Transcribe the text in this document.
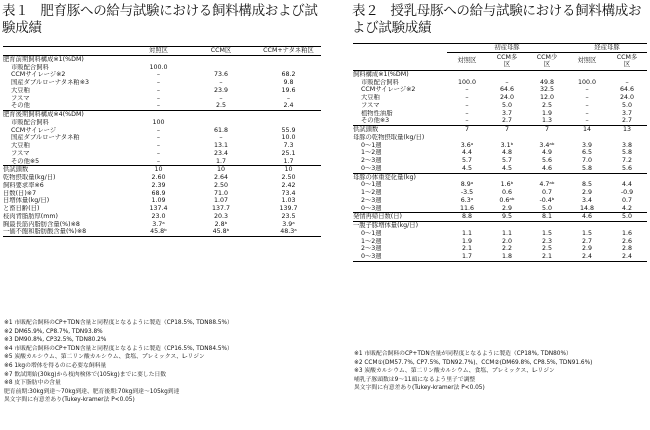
表１ 肥育豚への給与試験における飼料構成および試験成績
	対照区	CCM区	CCM+ナタネ粕区
肥育前期飼料構成※1(%DM)			
市販配合飼料	100.0		
CCMサイレージ※2	–	73.6	68.2
国産ダブルローナタネ粕※3	–	–	9.8
大豆粕	–	23.9	19.6
フスマ	–	–	–
その他	–	2.5	2.4
肥育後期飼料構成※4(%DM)			
市販配合飼料	100		
CCMサイレージ	–	61.8	55.9
国産ダブルローナタネ粕	–	–	10.0
大豆粕	–	13.1	7.3
フスマ	–	23.4	25.1
その他※5	–	1.7	1.7
供試頭数	10	10	10
乾物摂取量(kg/日)	2.60	2.64	2.50
飼料要求率※6	2.39	2.50	2.42
日数(日)※7	68.9	71.0	73.4
日増体量(kg/日)	1.09	1.07	1.03
と畜日齢(日)	137.4	137.7	139.7
枝肉背脂肪厚(mm)	23.0	20.3	23.5
胸最長筋内脂肪含量(%)※8	3.7ᵃ	2.8ᵇ	3.9ᵃ
一価不飽和脂肪酸含量(%)※8	45.8ᵇ	45.8ᵇ	48.3ᵃ
※1 市販配合飼料のCP+TDN含量と同程度となるように製造（CP18.5%, TDN88.5%）
※2 DM65.9%, CP8.7%, TDN93.8%
※3 DM90.8%, CP32.5%, TDN80.2%
※4 市販配合飼料のCP+TDN含量と同程度となるように製造（CP16.5%, TDN84.5%）
※5 炭酸カルシウム、第二リン酸カルシウム、食塩、プレミックス、L-リジン
※6 1kgの増体を得るのに必要な飼料量
※7 飲試開始(30kg)から枝肉検体で(105kg)までに要した日数
※8 皮下脂肪中の含量
肥育前期:30kg到達～70kg到達、肥育後期:70kg到達～105kg到達
異文字間に有意差あり(Tukey-kramer法 P<0.05)
表２ 授乳母豚への給与試験における飼料構成および試験成績
	初産母豚			経産母豚	
	対照区	CCM多区	CCM少区	対照区	CCM多区
飼料構成※1(%DM)					
市販配合飼料	100.0	–	49.8	100.0	–
CCMサイレージ※2	–	64.6	32.5	–	64.6
大豆粕	–	24.0	12.0	–	24.0
フスマ	–	5.0	2.5	–	5.0
植物性油脂	–	3.7	1.9	–	3.7
その他※3	–	2.7	1.3	–	2.7
供試頭数	7	7	7	14	13
母豚の乾物摂取量(kg/日)					
0～1週	3.6ᵃ	3.1ᵇ	3.4ᵃᵇ	3.9	3.8
1～2週	4.4	4.8	4.9	6.5	5.8
2～3週	5.7	5.7	5.6	7.0	7.2
0～3週	4.5	4.5	4.6	5.8	5.6
母豚の体重変化量(kg)					
0～1週	8.9ᵃ	1.6ᵇ	4.7ᵃᵇ	8.5	4.4
1～2週	-3.5	0.6	0.7	2.9	-0.9
2～3週	6.3ᵃ	0.6ᵃᵇ	-0.4ᵇ	3.4	0.7
0～3週	11.6	2.9	5.0	14.8	4.2
発情再帰日数(日)	8.8	9.5	8.1	4.6	5.0
一腹子豚増体量(kg/日)					
0～1週	1.1	1.1	1.5	1.5	1.6
1～2週	1.9	2.0	2.3	2.7	2.6
2～3週	2.1	2.2	2.5	2.9	2.8
0～3週	1.7	1.8	2.1	2.4	2.4
※1 市販配合飼料のCP+TDN含量が同程度となるように製造（CP18%, TDN80%）
※2 CCM①(DM57.7%, CP7.5%, TDN92.7%)、CCM②(DM69.8%, CP8.5%, TDN91.6%)
※3 炭酸カルシウム、第二リン酸カルシウム、食塩、プレミックス、L-リジン
哺乳子豚頭数は9～11頭になるよう里子で調整
異文字間に有意差あり(Tukey-kramer法 P<0.05)
